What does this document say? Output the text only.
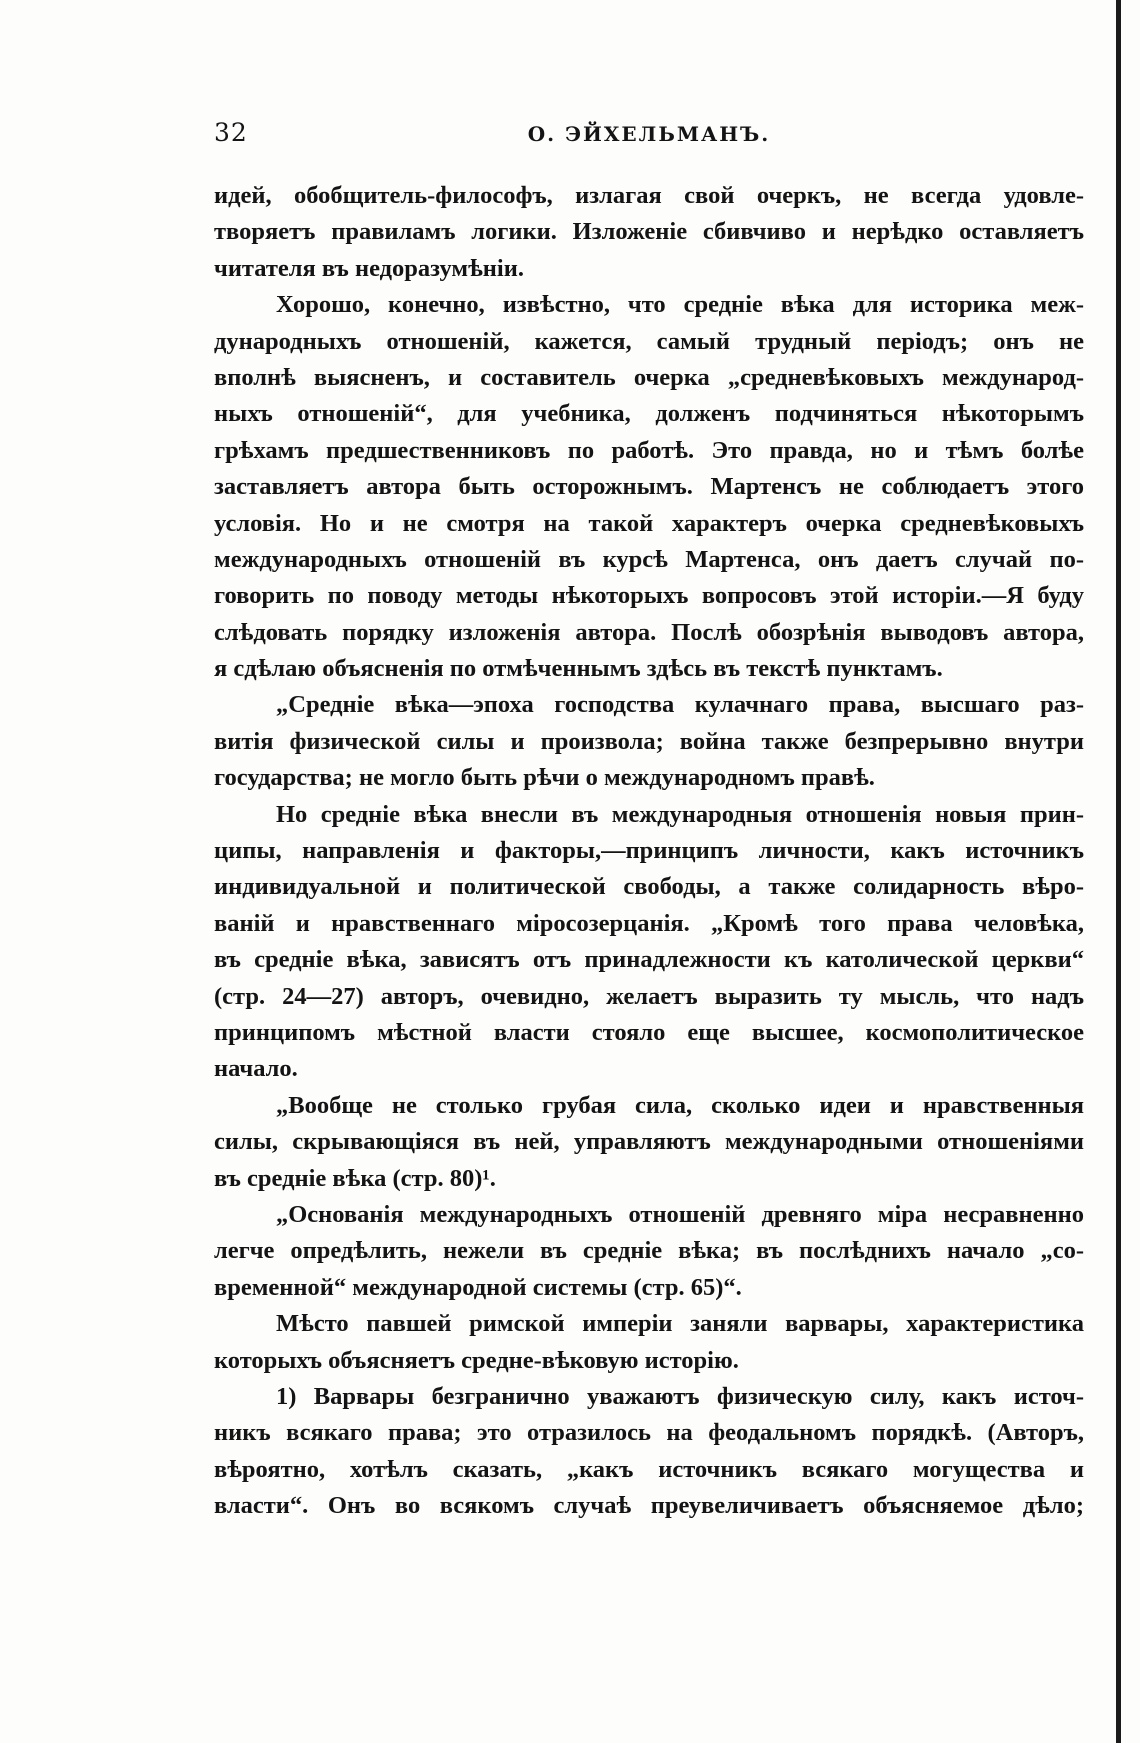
32	О. ЭЙХЕЛЬМАНЪ.
идей, обобщитель-философъ, излагая свой очеркъ, не всегда удовле-
творяетъ правиламъ логики. Изложеніе сбивчиво и нерѣдко оставляетъ
читателя въ недоразумѣніи.
Хорошо, конечно, извѣстно, что средніе вѣка для историка меж-
дународныхъ отношеній, кажется, самый трудный періодъ; онъ не
вполнѣ выясненъ, и составитель очерка „средневѣковыхъ международ-
ныхъ отношеній“, для учебника, долженъ подчиняться нѣкоторымъ
грѣхамъ предшественниковъ по работѣ. Это правда, но и тѣмъ болѣе
заставляетъ автора быть осторожнымъ. Мартенсъ не соблюдаетъ этого
условія. Но и не смотря на такой характеръ очерка средневѣковыхъ
международныхъ отношеній въ курсѣ Мартенса, онъ даетъ случай по-
говорить по поводу методы нѣкоторыхъ вопросовъ этой исторіи.—Я буду
слѣдовать порядку изложенія автора. Послѣ обозрѣнія выводовъ автора,
я сдѣлаю объясненія по отмѣченнымъ здѣсь въ текстѣ пунктамъ.
„Средніе вѣка—эпоха господства кулачнаго права, высшаго раз-
витія физической силы и произвола; война также безпрерывно внутри
государства; не могло быть рѣчи о международномъ правѣ.
Но средніе вѣка внесли въ международныя отношенія новыя прин-
ципы, направленія и факторы,—принципъ личности, какъ источникъ
индивидуальной и политической свободы, а также солидарность вѣро-
ваній и нравственнаго міросозерцанія. „Кромѣ того права человѣка,
въ средніе вѣка, зависятъ отъ принадлежности къ католической церкви“
(стр. 24—27) авторъ, очевидно, желаетъ выразить ту мысль, что надъ
принципомъ мѣстной власти стояло еще высшее, космополитическое
начало.
„Вообще не столько грубая сила, сколько идеи и нравственныя
силы, скрывающіяся въ ней, управляютъ международными отношеніями
въ средніе вѣка (стр. 80)¹.
„Основанія международныхъ отношеній древняго міра несравненно
легче опредѣлить, нежели въ средніе вѣка; въ послѣднихъ начало „со-
временной“ международной системы (стр. 65)“.
Мѣсто павшей римской имперіи заняли варвары, характеристика
которыхъ объясняетъ средне-вѣковую исторію.
1) Варвары безгранично уважаютъ физическую силу, какъ источ-
никъ всякаго права; это отразилось на феодальномъ порядкѣ. (Авторъ,
вѣроятно, хотѣлъ сказать, „какъ источникъ всякаго могущества и
власти“. Онъ во всякомъ случаѣ преувеличиваетъ объясняемое дѣло;
